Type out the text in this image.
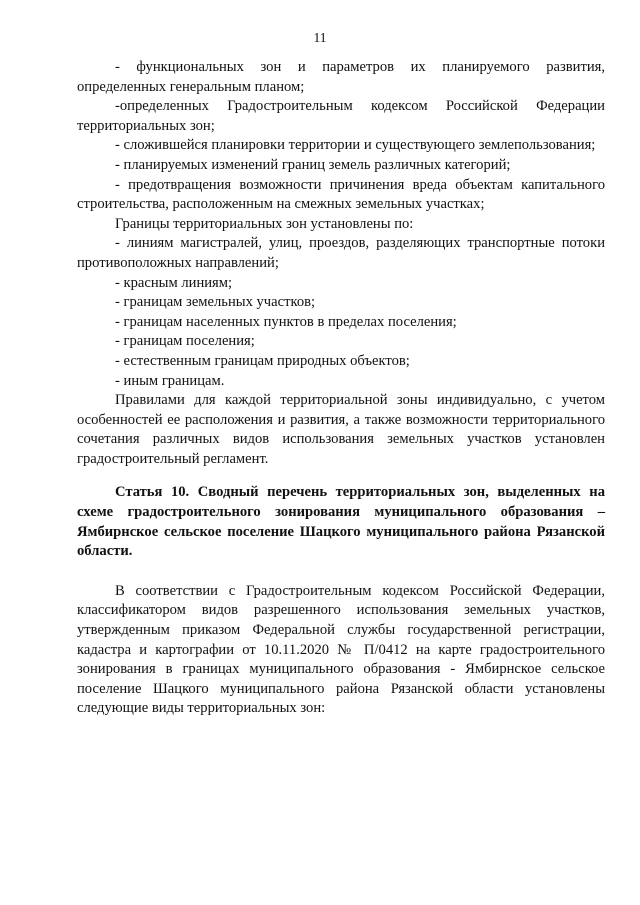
11

- функциональных зон и параметров их планируемого развития, определенных генеральным планом;

-определенных Градостроительным кодексом Российской Федерации территориальных зон;

- сложившейся планировки территории и существующего землепользования;

- планируемых изменений границ земель различных категорий;

- предотвращения возможности причинения вреда объектам капитального строительства, расположенным на смежных земельных участках;

Границы территориальных зон установлены по:

- линиям магистралей, улиц, проездов, разделяющих транспортные потоки противоположных направлений;

- красным линиям;

- границам земельных участков;

- границам населенных пунктов в пределах поселения;

- границам поселения;

- естественным границам природных объектов;

- иным границам.

Правилами для каждой территориальной зоны индивидуально, с учетом особенностей ее расположения и развития, а также возможности территориального сочетания различных видов использования земельных участков установлен градостроительный регламент.

Статья 10. Сводный перечень территориальных зон, выделенных на схеме градостроительного зонирования муниципального образования – Ямбирнское сельское поселение Шацкого муниципального района Рязанской области.

В соответствии с Градостроительным кодексом Российской Федерации, классификатором видов разрешенного использования земельных участков, утвержденным приказом Федеральной службы государственной регистрации, кадастра и картографии от 10.11.2020 № П/0412 на карте градостроительного зонирования в границах муниципального образования - Ямбирнское сельское поселение Шацкого муниципального района Рязанской области установлены следующие виды территориальных зон:
